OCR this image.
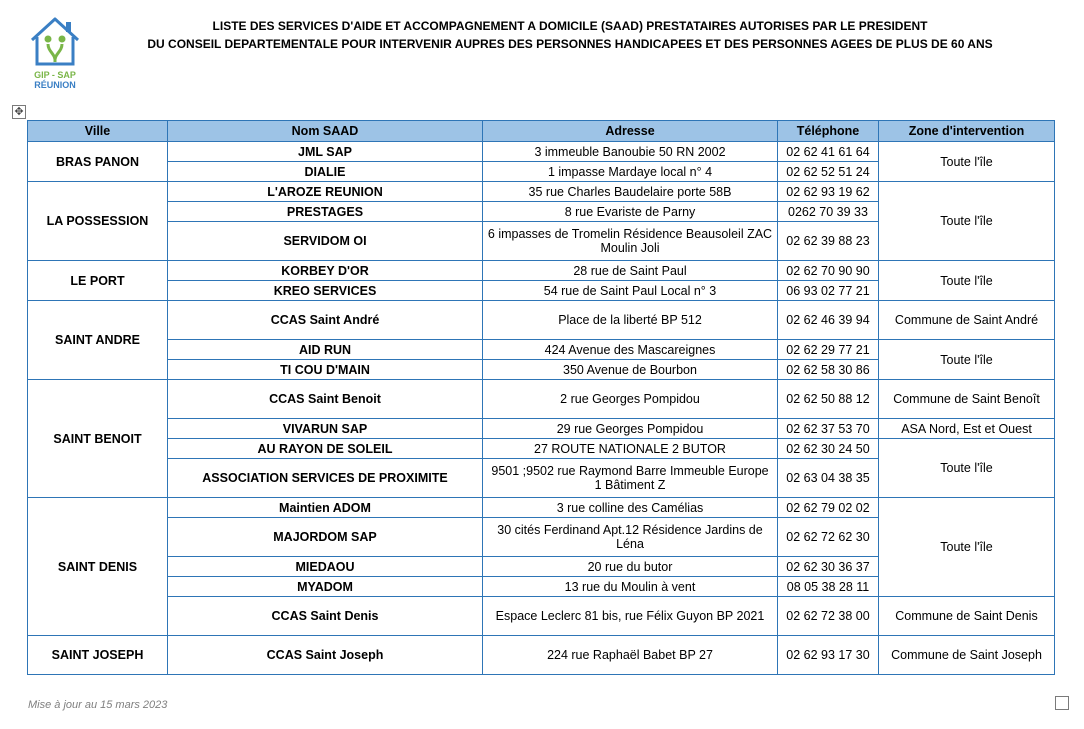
GIP - SAP
RÉUNION
LISTE DES SERVICES D'AIDE ET ACCOMPAGNEMENT A DOMICILE (SAAD) PRESTATAIRES AUTORISES PAR LE PRESIDENT
DU CONSEIL DEPARTEMENTALE POUR INTERVENIR AUPRES DES PERSONNES HANDICAPEES ET DES PERSONNES AGEES DE PLUS DE 60 ANS
✥
Ville	Nom SAAD	Adresse	Téléphone	Zone d'intervention
BRAS PANON	JML SAP	3 immeuble Banoubie 50 RN 2002	02 62 41 61 64	Toute l'île
	DIALIE	1 impasse Mardaye local n° 4	02 62 52 51 24	
LA POSSESSION	L'AROZE REUNION	35 rue Charles Baudelaire porte 58B	02 62 93 19 62	Toute l'île
	PRESTAGES	8 rue Evariste de Parny	0262 70 39 33	
	SERVIDOM OI	6 impasses de Tromelin Résidence Beausoleil ZAC Moulin Joli	02 62 39 88 23	
LE PORT	KORBEY D'OR	28 rue de Saint Paul	02 62 70 90 90	Toute l'île
	KREO SERVICES	54 rue de Saint Paul Local n° 3	06 93 02 77 21	
SAINT ANDRE	CCAS Saint André	Place de la liberté BP 512	02 62 46 39 94	Commune de Saint André
	AID RUN	424 Avenue des Mascareignes	02 62 29 77 21	Toute l'île
	TI COU D'MAIN	350 Avenue de Bourbon	02 62 58 30 86	
SAINT BENOIT	CCAS Saint Benoit	2 rue Georges Pompidou	02 62 50 88 12	Commune de Saint Benoît
	VIVARUN SAP	29 rue Georges Pompidou	02 62 37 53 70	ASA Nord, Est et Ouest
	AU RAYON DE SOLEIL	27 ROUTE NATIONALE 2 BUTOR	02 62 30 24 50	Toute l'île
	ASSOCIATION SERVICES DE PROXIMITE	9501 ;9502 rue Raymond Barre Immeuble Europe 1 Bâtiment Z	02 63 04 38 35	
SAINT DENIS	Maintien ADOM	3 rue colline des Camélias	02 62 79 02 02	Toute l'île
	MAJORDOM SAP	30 cités Ferdinand Apt.12 Résidence Jardins de Léna	02 62 72 62 30	
	MIEDAOU	20 rue du butor	02 62 30 36 37	
	MYADOM	13 rue du Moulin à vent	08 05 38 28 11	
	CCAS Saint Denis	Espace Leclerc 81 bis, rue Félix Guyon BP 2021	02 62 72 38 00	Commune de Saint Denis
SAINT JOSEPH	CCAS Saint Joseph	224 rue Raphaël Babet BP 27	02 62 93 17 30	Commune de Saint Joseph
Mise à jour au 15 mars 2023
